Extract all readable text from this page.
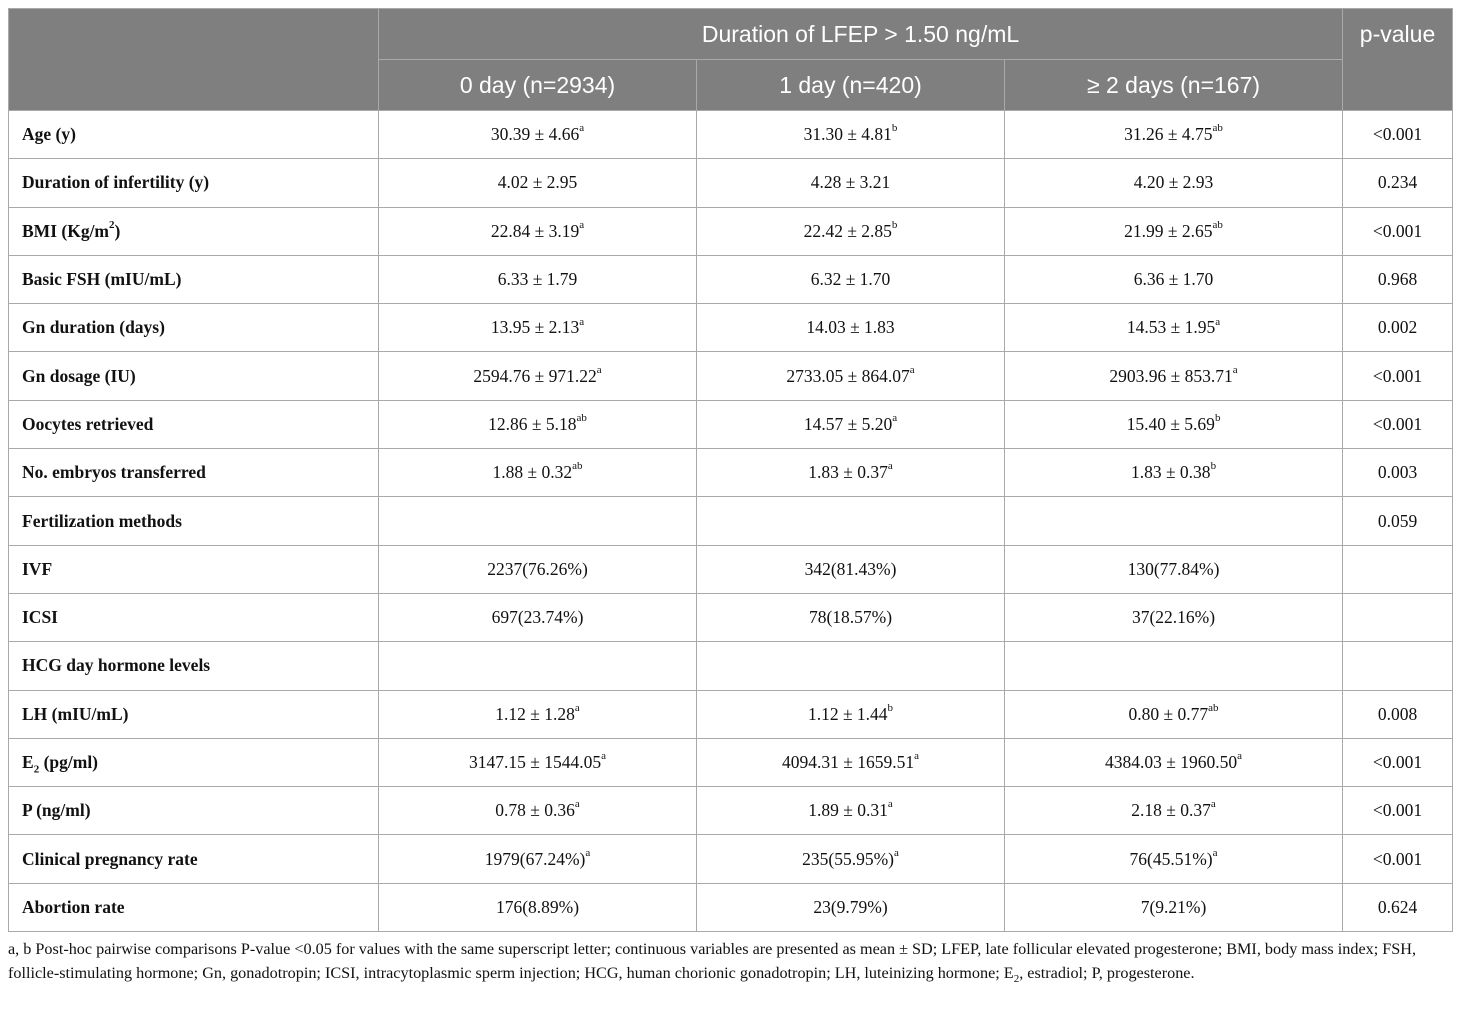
	Duration of LFEP > 1.50 ng/mL			p-value
	0 day (n=2934)	1 day (n=420)	≥ 2 days (n=167)	
Age (y)	30.39 ± 4.66$^a$	31.30 ± 4.81$^b$	31.26 ± 4.75$^{ab}$	<0.001
Duration of infertility (y)	4.02 ± 2.95	4.28 ± 3.21	4.20 ± 2.93	0.234
BMI $(Kg/m^2)$	22.84 ± 3.19$^a$	22.42 ± 2.85$^b$	21.99 ± 2.65$^{ab}$	<0.001
Basic FSH (mIU/mL)	6.33 ± 1.79	6.32 ± 1.70	6.36 ± 1.70	0.968
Gn duration (days)	13.95 ± 2.13$^a$	14.03 ± 1.83	14.53 ± 1.95$^a$	0.002
Gn dosage (IU)	2594.76 ± 971.22$^a$	2733.05 ± 864.07$^a$	2903.96 ± 853.71$^a$	<0.001
Oocytes retrieved	12.86 ± 5.18$^{ab}$	14.57 ± 5.20$^a$	15.40 ± 5.69$^b$	<0.001
No. embryos transferred	1.88 ± 0.32$^{ab}$	1.83 ± 0.37$^a$	1.83 ± 0.38$^b$	0.003
Fertilization methods				0.059
IVF	2237(76.26%)	342(81.43%)	130(77.84%)	
ICSI	697(23.74%)	78(18.57%)	37(22.16%)	
HCG day hormone levels				
LH (mIU/mL)	1.12 ± 1.28$^a$	1.12 ± 1.44$^b$	0.80 ± 0.77$^{ab}$	0.008
$E_2$ (pg/ml)	3147.15 ± 1544.05$^a$	4094.31 ± 1659.51$^a$	4384.03 ± 1960.50$^a$	<0.001
P (ng/ml)	0.78 ± 0.36$^a$	1.89 ± 0.31$^a$	2.18 ± 0.37$^a$	<0.001
Clinical pregnancy rate	$1979(67.24\%)^a$	$235(55.95\%)^a$	$76(45.51\%)^a$	<0.001
Abortion rate	176(8.89%)	23(9.79%)	7(9.21%)	0.624
a, b Post-hoc pairwise comparisons P-value <0.05 for values with the same superscript letter; continuous variables are presented as mean ± SD; LFEP, late follicular elevated progesterone; BMI, body mass index; FSH, follicle-stimulating hormone; Gn, gonadotropin; ICSI, intracytoplasmic sperm injection; HCG, human chorionic gonadotropin; LH, luteinizing hormone; $E_2$, estradiol; P, progesterone.
